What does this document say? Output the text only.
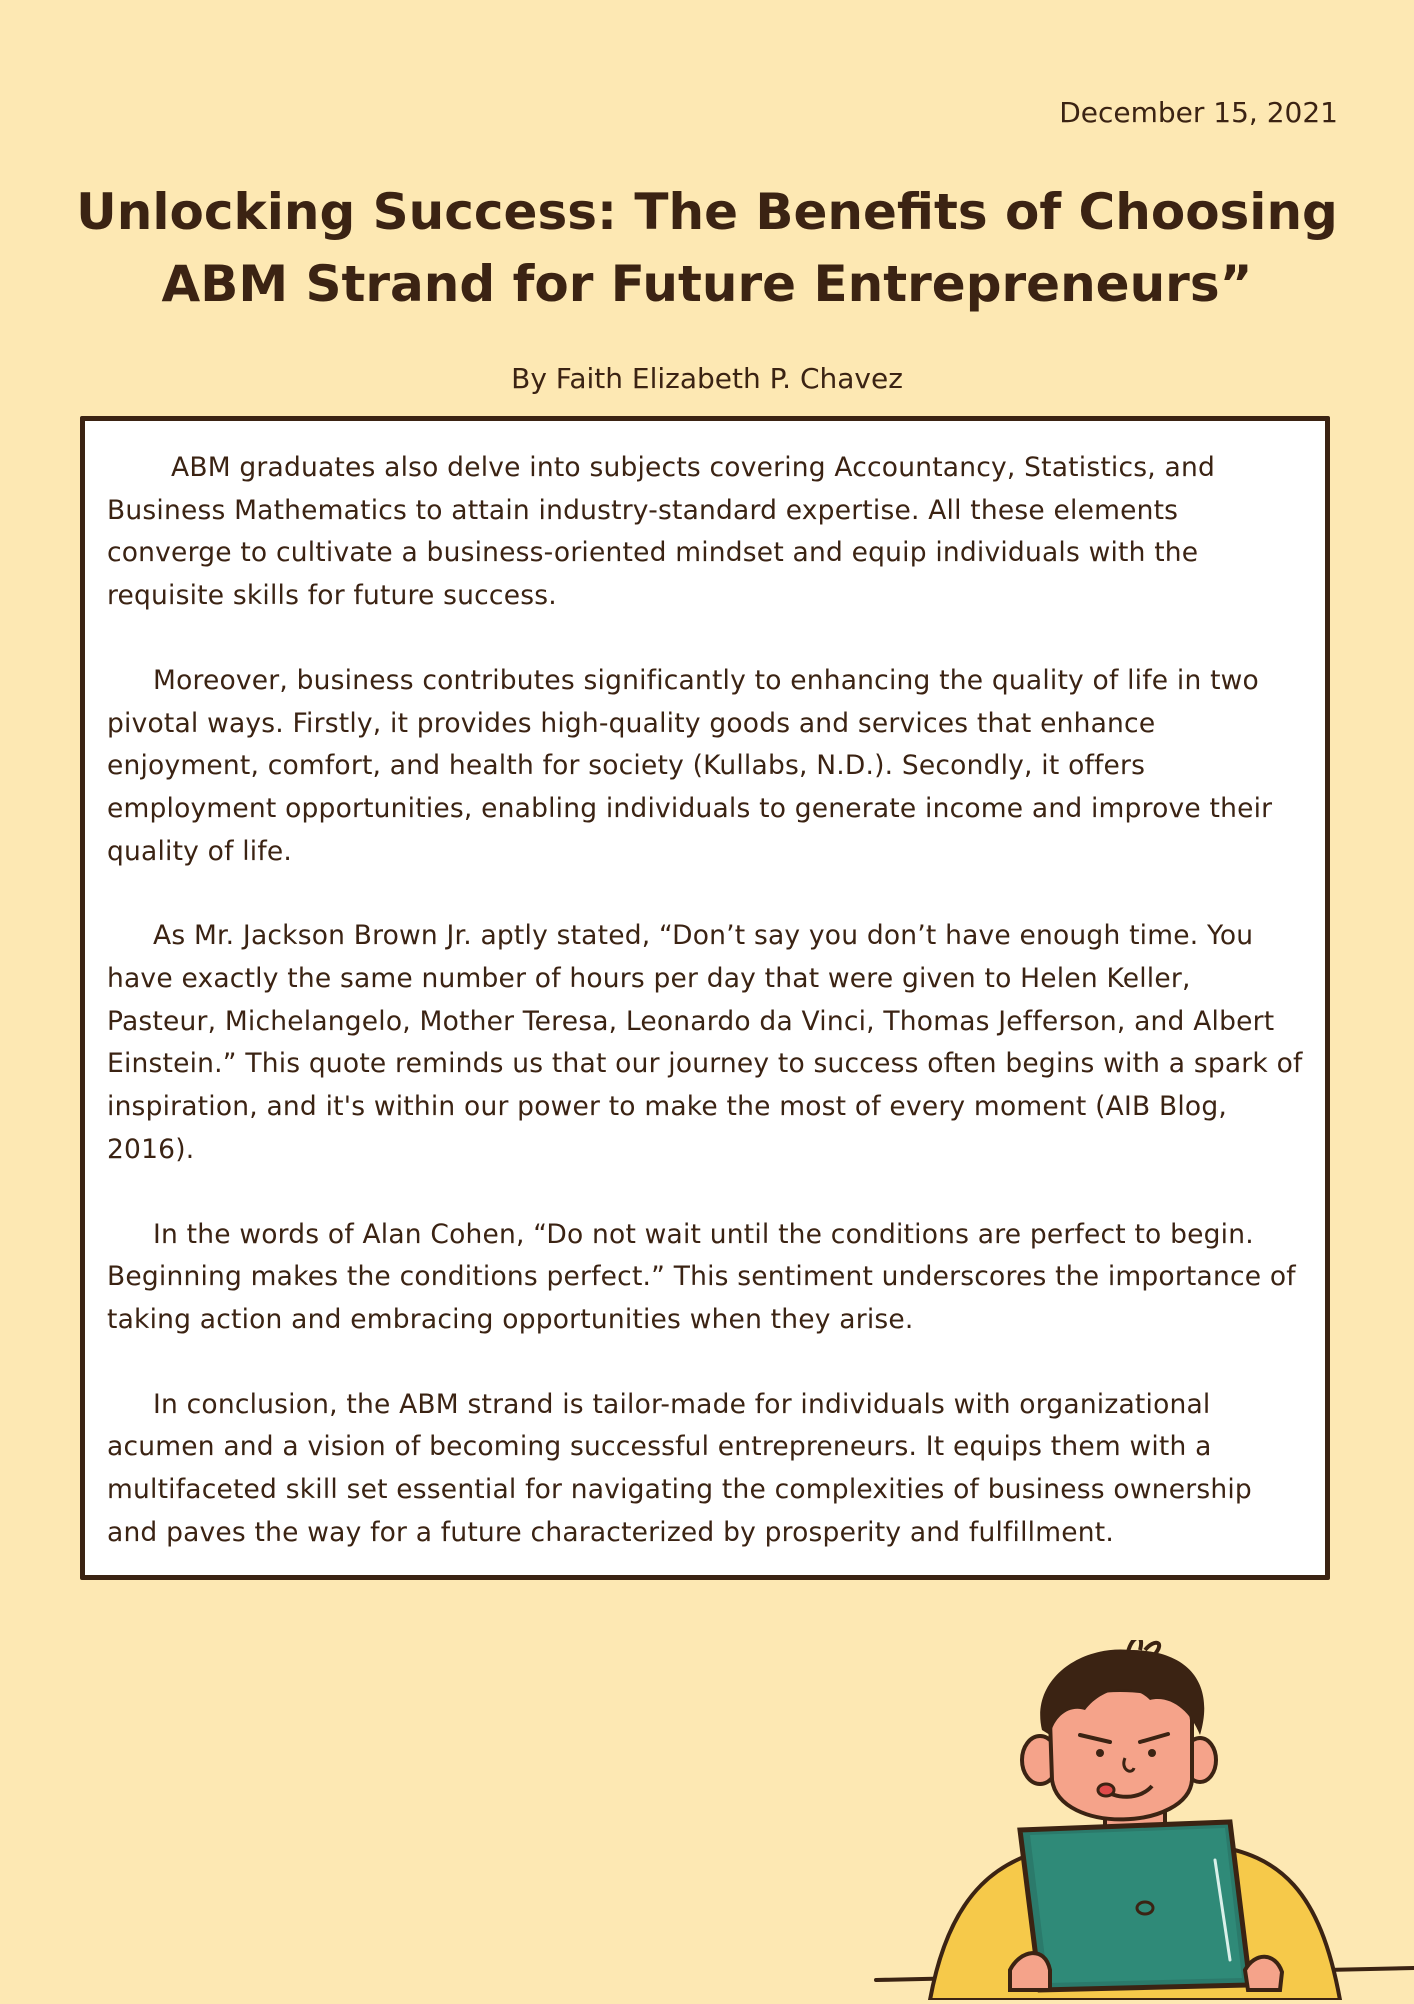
December 15, 2021
Unlocking Success: The Benefits of Choosing
ABM Strand for Future Entrepreneurs”
By Faith Elizabeth P. Chavez

ABM graduates also delve into subjects covering Accountancy, Statistics, and Business Mathematics to attain industry-standard expertise. All these elements converge to cultivate a business-oriented mindset and equip individuals with the requisite skills for future success.

Moreover, business contributes significantly to enhancing the quality of life in two pivotal ways. Firstly, it provides high-quality goods and services that enhance enjoyment, comfort, and health for society (Kullabs, N.D.). Secondly, it offers employment opportunities, enabling individuals to generate income and improve their quality of life.

As Mr. Jackson Brown Jr. aptly stated, “Don’t say you don’t have enough time. You have exactly the same number of hours per day that were given to Helen Keller, Pasteur, Michelangelo, Mother Teresa, Leonardo da Vinci, Thomas Jefferson, and Albert Einstein.” This quote reminds us that our journey to success often begins with a spark of inspiration, and it's within our power to make the most of every moment (AIB Blog, 2016).

In the words of Alan Cohen, “Do not wait until the conditions are perfect to begin. Beginning makes the conditions perfect.” This sentiment underscores the importance of taking action and embracing opportunities when they arise.

In conclusion, the ABM strand is tailor-made for individuals with organizational acumen and a vision of becoming successful entrepreneurs. It equips them with a multifaceted skill set essential for navigating the complexities of business ownership and paves the way for a future characterized by prosperity and fulfillment.
